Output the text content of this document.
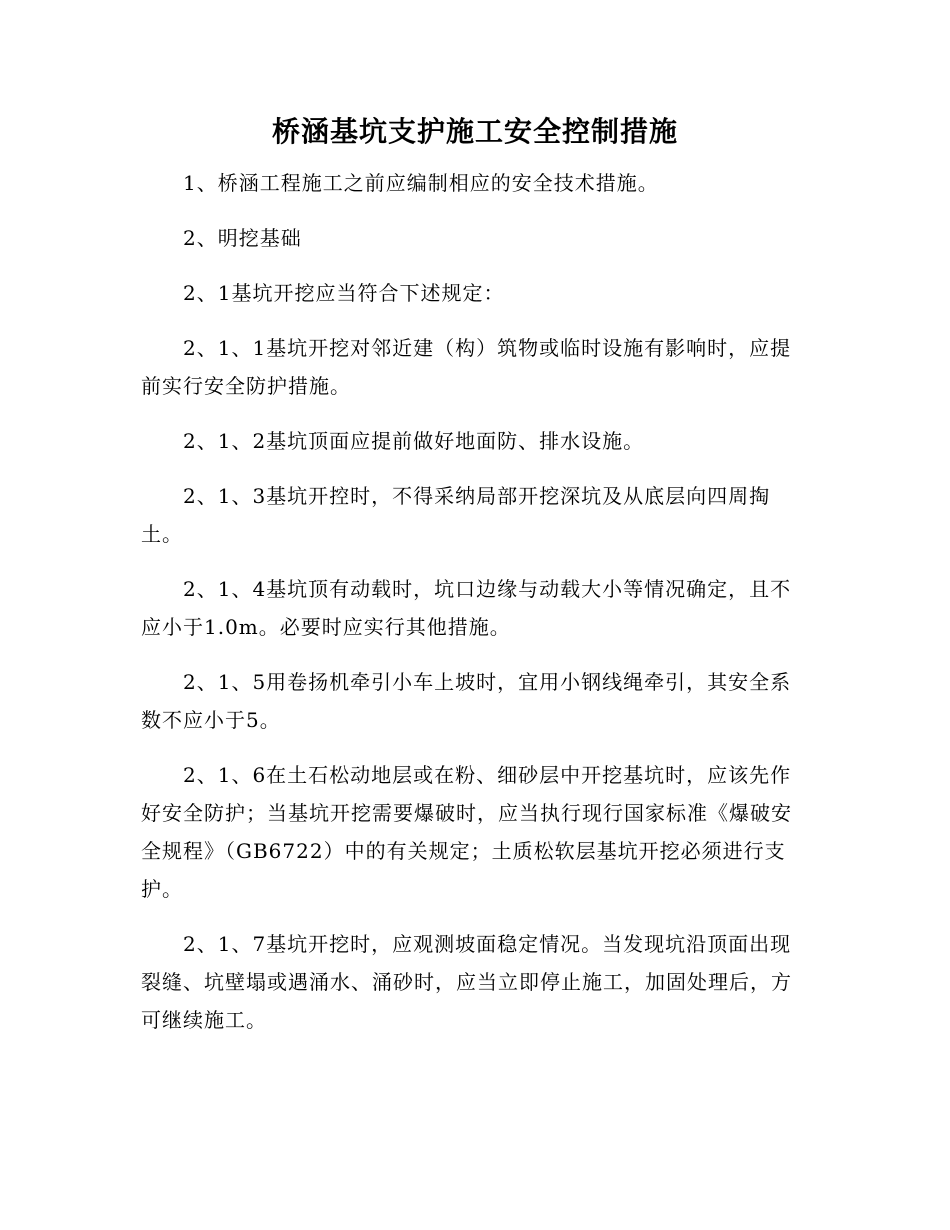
桥涵基坑支护施工安全控制措施

1、桥涵工程施工之前应编制相应的安全技术措施。

2、明挖基础

2、1基坑开挖应当符合下述规定：

2、1、1基坑开挖对邻近建（构）筑物或临时设施有影响时，应提前实行安全防护措施。

2、1、2基坑顶面应提前做好地面防、排水设施。

2、1、3基坑开控时，不得采纳局部开挖深坑及从底层向四周掏土。

2、1、4基坑顶有动载时，坑口边缘与动载大小等情况确定，且不应小于1.0m。必要时应实行其他措施。

2、1、5用卷扬机牵引小车上坡时，宜用小钢线绳牵引，其安全系数不应小于5。

2、1、6在土石松动地层或在粉、细砂层中开挖基坑时，应该先作好安全防护；当基坑开挖需要爆破时，应当执行现行国家标准《爆破安全规程》（GB6722）中的有关规定；土质松软层基坑开挖必须进行支护。

2、1、7基坑开挖时，应观测坡面稳定情况。当发现坑沿顶面出现裂缝、坑壁塌或遇涌水、涌砂时，应当立即停止施工，加固处理后，方可继续施工。
